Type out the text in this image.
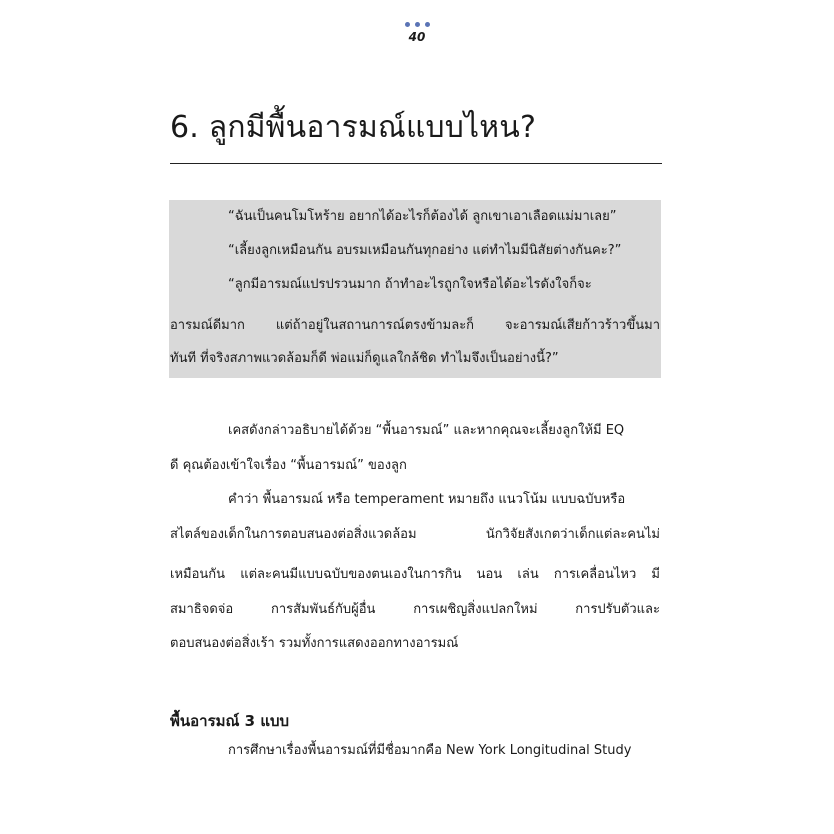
40
6. ลูกมีพื้นอารมณ์แบบไหน?
“ฉันเป็นคนโมโหร้าย อยากได้อะไรก็ต้องได้ ลูกเขาเอาเลือดแม่มาเลย”
“เลี้ยงลูกเหมือนกัน อบรมเหมือนกันทุกอย่าง แต่ทำไมมีนิสัยต่างกันคะ?”
“ลูกมีอารมณ์แปรปรวนมาก ถ้าทำอะไรถูกใจหรือได้อะไรดังใจก็จะ
อารมณ์ดีมาก แต่ถ้าอยู่ในสถานการณ์ตรงข้ามละก็ จะอารมณ์เสียก้าวร้าวขึ้นมา
ทันที ที่จริงสภาพแวดล้อมก็ดี พ่อแม่ก็ดูแลใกล้ชิด ทำไมจึงเป็นอย่างนี้?”
เคสดังกล่าวอธิบายได้ด้วย “พื้นอารมณ์” และหากคุณจะเลี้ยงลูกให้มี EQ
ดี คุณต้องเข้าใจเรื่อง “พื้นอารมณ์” ของลูก
คำว่า พื้นอารมณ์ หรือ temperament หมายถึง แนวโน้ม แบบฉบับหรือ
สไตล์ของเด็กในการตอบสนองต่อสิ่งแวดล้อม นักวิจัยสังเกตว่าเด็กแต่ละคนไม่
เหมือนกัน แต่ละคนมีแบบฉบับของตนเองในการกิน นอน เล่น การเคลื่อนไหว มี
สมาธิจดจ่อ การสัมพันธ์กับผู้อื่น การเผชิญสิ่งแปลกใหม่ การปรับตัวและ
ตอบสนองต่อสิ่งเร้า รวมทั้งการแสดงออกทางอารมณ์
พื้นอารมณ์ 3 แบบ
การศึกษาเรื่องพื้นอารมณ์ที่มีชื่อมากคือ New York Longitudinal Study
